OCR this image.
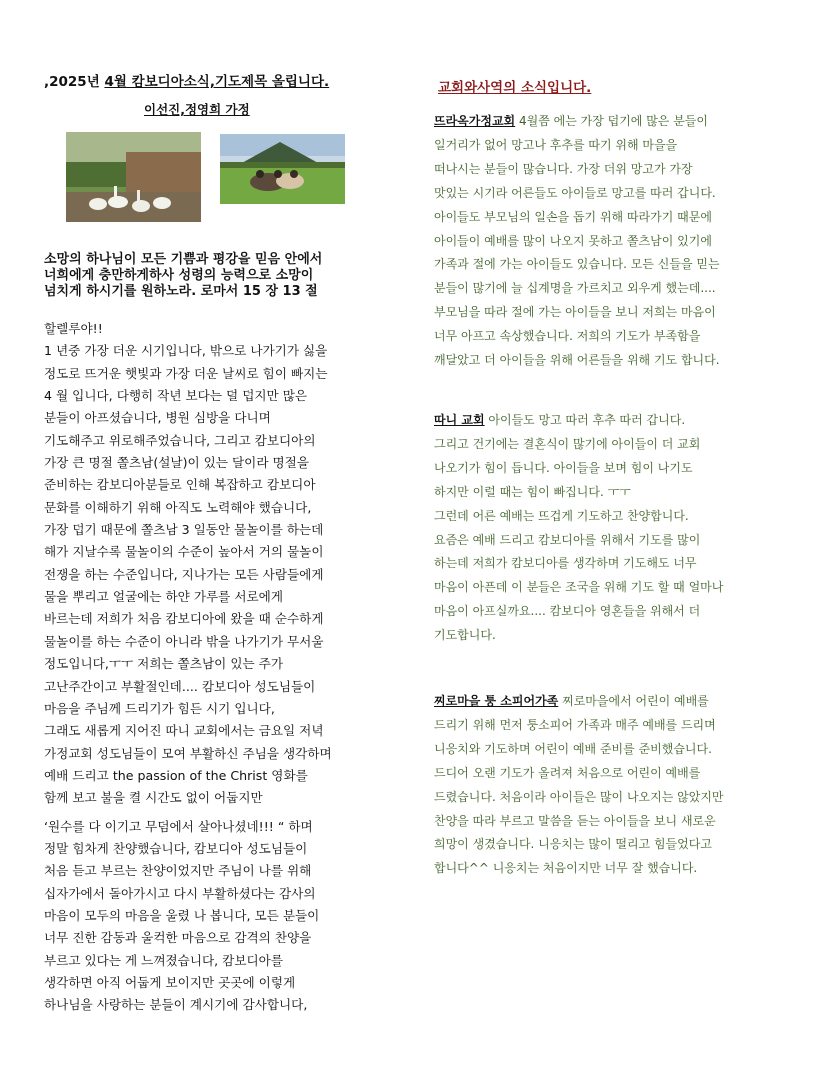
,2025년 4월 캄보디아소식,기도제목 올립니다.
이선진,정영희 가정
소망의 하나님이 모든 기쁨과 평강을 믿음 안에서
너희에게 충만하게하사 성령의 능력으로 소망이
넘치게 하시기를 원하노라. 로마서 15 장 13 절
할렐루야!!
1 년중 가장 더운 시기입니다, 밖으로 나가기가 싫을
정도로 뜨거운 햇빛과 가장 더운 날씨로 힘이 빠지는
4 월 입니다, 다행히 작년 보다는 덜 덥지만 많은
분들이 아프셨습니다, 병원 심방을 다니며
기도해주고 위로해주었습니다, 그리고 캄보디아의
가장 큰 명절 쫄츠남(설날)이 있는 달이라 명절을
준비하는 캄보디아분들로 인해 복잡하고 캄보디아
문화를 이해하기 위해 아직도 노력해야 했습니다,
가장 덥기 때문에 쫄츠남 3 일동안 물놀이를 하는데
해가 지날수록 물놀이의 수준이 높아서 거의 물놀이
전쟁을 하는 수준입니다, 지나가는 모든 사람들에게
물을 뿌리고 얼굴에는 하얀 가루를 서로에게
바르는데 저희가 처음 캄보디아에 왔을 때 순수하게
물놀이를 하는 수준이 아니라 밖을 나가기가 무서울
정도입니다,ㅜㅜ 저희는 쫄츠남이 있는 주가
고난주간이고 부활절인데.... 캄보디아 성도님들이
마음을 주님께 드리기가 힘든 시기 입니다,
그래도 새롭게 지어진 따니 교회에서는 금요일 저녁
가정교회 성도님들이 모여 부활하신 주님을 생각하며
예배 드리고 the passion of the Christ 영화를
함께 보고 불을 켤 시간도 없이 어둡지만
‘원수를 다 이기고 무덤에서 살아나셨네!!! “ 하며
정말 힘차게 찬양했습니다, 캄보디아 성도님들이
처음 듣고 부르는 찬양이었지만 주님이 나를 위해
십자가에서 돌아가시고 다시 부활하셨다는 감사의
마음이 모두의 마음을 울렸 나 봅니다, 모든 분들이
너무 진한 감동과 울컥한 마음으로 감격의 찬양을
부르고 있다는 게 느껴졌습니다, 캄보디아를
생각하면 아직 어둡게 보이지만 곳곳에 이렇게
하나님을 사랑하는 분들이 계시기에 감사합니다,
교회와사역의 소식입니다.
뜨라옥가정교회 4월쯤 에는 가장 덥기에 많은 분들이
일거리가 없어 망고나 후추를 따기 위해 마을을
떠나시는 분들이 많습니다. 가장 더위 망고가 가장
맛있는 시기라 어른들도 아이들로 망고를 따러 갑니다.
아이들도 부모님의 일손을 돕기 위해 따라가기 때문에
아이들이 예배를 많이 나오지 못하고 쫄츠남이 있기에
가족과 절에 가는 아이들도 있습니다. 모든 신들을 믿는
분들이 많기에 늘 십계명을 가르치고 외우게 했는데....
부모님을 따라 절에 가는 아이들을 보니 저희는 마음이
너무 아프고 속상했습니다. 저희의 기도가 부족함을
깨달았고 더 아이들을 위해 어른들을 위해 기도 합니다.
따니 교회 아이들도 망고 따러 후추 따러 갑니다.
그리고 건기에는 결혼식이 많기에 아이들이 더 교회
나오기가 힘이 듭니다. 아이들을 보며 힘이 나기도
하지만 이럴 때는 힘이 빠집니다. ㅜㅜ
그런데 어른 예배는 뜨겁게 기도하고 찬양합니다.
요즘은 예배 드리고 캄보디아를 위해서 기도를 많이
하는데 저희가 캄보디아를 생각하며 기도해도 너무
마음이 아픈데 이 분들은 조국을 위해 기도 할 때 얼마나
마음이 아프실까요.... 캄보디아 영혼들을 위해서 더
기도합니다.
찌로마을 퉁 소피어가족 찌로마을에서 어린이 예배를
드리기 위해 먼저 퉁소피어 가족과 매주 예배를 드리며
니응치와 기도하며 어린이 예배 준비를 준비했습니다.
드디어 오랜 기도가 올려져 처음으로 어린이 예배를
드렸습니다. 처음이라 아이들은 많이 나오지는 않았지만
찬양을 따라 부르고 말씀을 듣는 아이들을 보니 새로운
희망이 생겼습니다. 니응치는 많이 떨리고 힘들었다고
합니다^^ 니응치는 처음이지만 너무 잘 했습니다.
